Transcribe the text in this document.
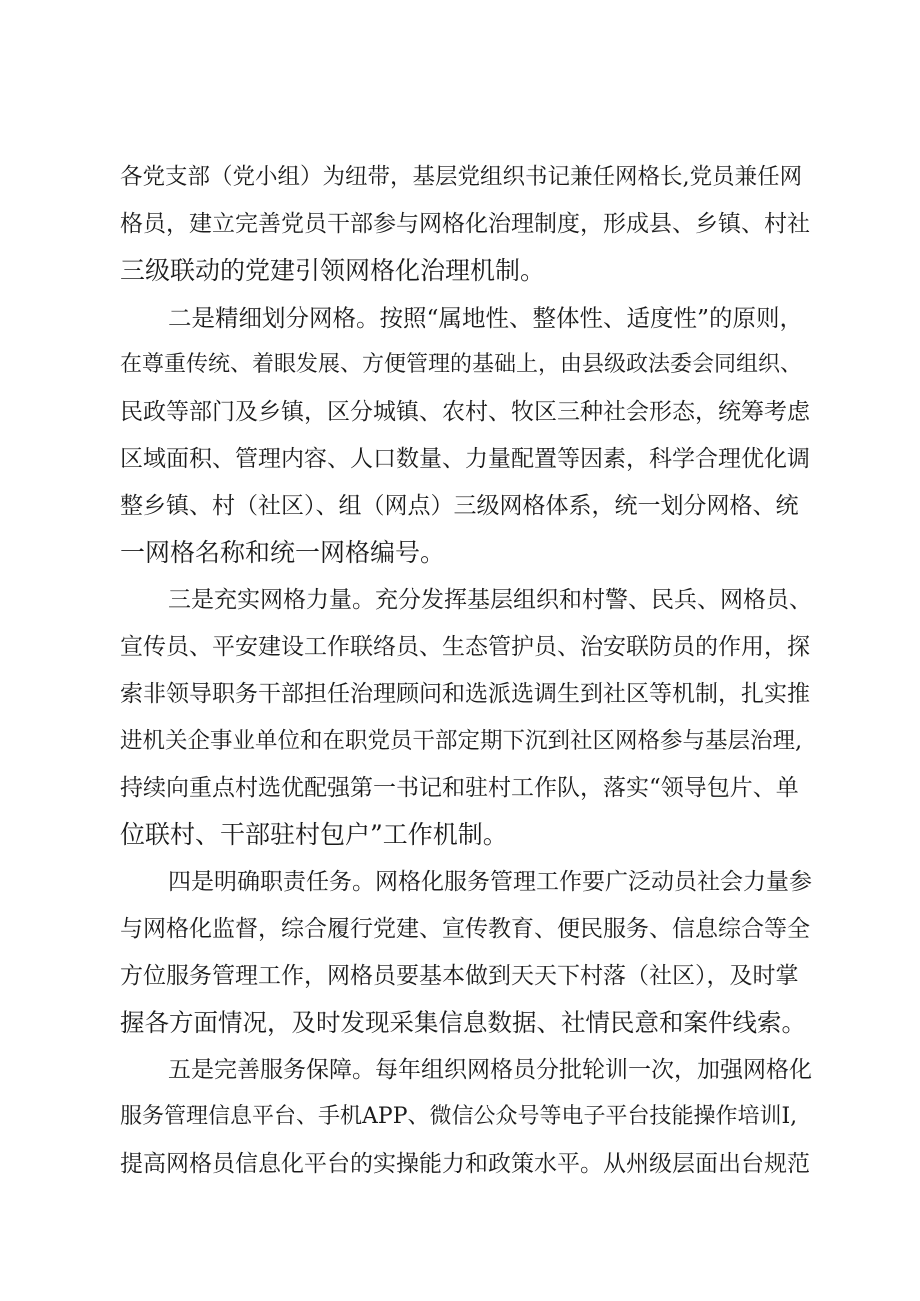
各党支部（党小组）为纽带，基层党组织书记兼任网格长,党员兼任网
格员，建立完善党员干部参与网格化治理制度，形成县、乡镇、村社
三级联动的党建引领网格化治理机制。
二是精细划分网格。按照“属地性、整体性、适度性”的原则，
在尊重传统、着眼发展、方便管理的基础上，由县级政法委会同组织、
民政等部门及乡镇，区分城镇、农村、牧区三种社会形态，统筹考虑
区域面积、管理内容、人口数量、力量配置等因素，科学合理优化调
整乡镇、村（社区）、组（网点）三级网格体系，统一划分网格、统
一网格名称和统一网格编号。
三是充实网格力量。充分发挥基层组织和村警、民兵、网格员、
宣传员、平安建设工作联络员、生态管护员、治安联防员的作用，探
索非领导职务干部担任治理顾问和选派选调生到社区等机制，扎实推
进机关企事业单位和在职党员干部定期下沉到社区网格参与基层治理,
持续向重点村选优配强第一书记和驻村工作队，落实“领导包片、单
位联村、干部驻村包户”工作机制。
四是明确职责任务。网格化服务管理工作要广泛动员社会力量参
与网格化监督，综合履行党建、宣传教育、便民服务、信息综合等全
方位服务管理工作，网格员要基本做到天天下村落（社区），及时掌
握各方面情况，及时发现采集信息数据、社情民意和案件线索。
五是完善服务保障。每年组织网格员分批轮训一次，加强网格化
服务管理信息平台、手机APP、微信公众号等电子平台技能操作培训I,
提高网格员信息化平台的实操能力和政策水平。从州级层面出台规范
